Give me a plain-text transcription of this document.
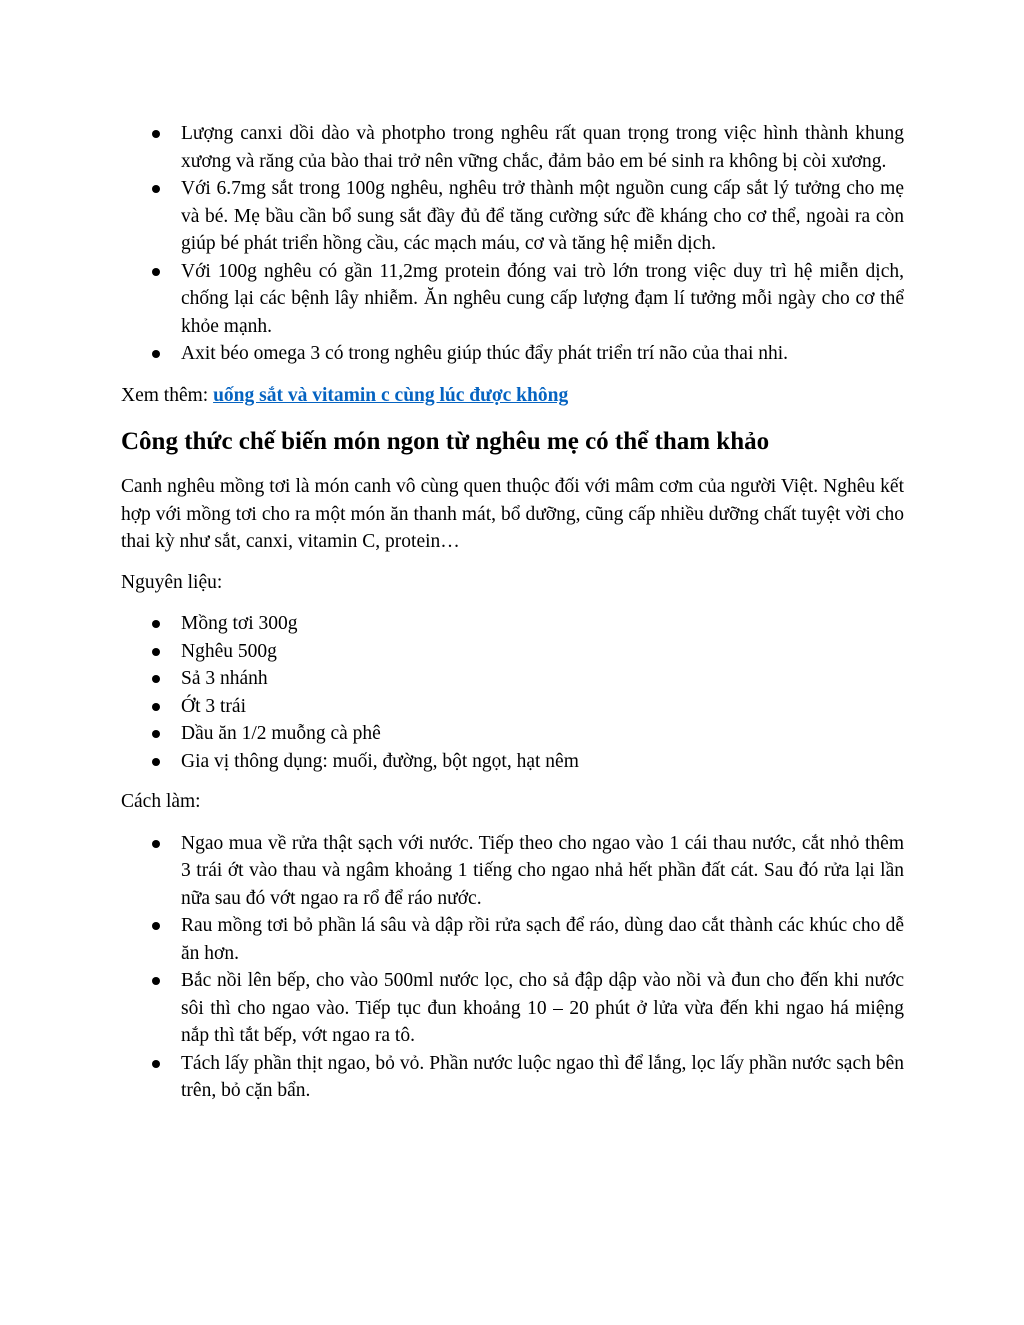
Lượng canxi dồi dào và photpho trong nghêu rất quan trọng trong việc hình thành khung xương và răng của bào thai trở nên vững chắc, đảm bảo em bé sinh ra không bị còi xương.
Với 6.7mg sắt trong 100g nghêu, nghêu trở thành một nguồn cung cấp sắt lý tưởng cho mẹ và bé. Mẹ bầu cần bổ sung sắt đầy đủ để tăng cường sức đề kháng cho cơ thể, ngoài ra còn giúp bé phát triển hồng cầu, các mạch máu, cơ và tăng hệ miễn dịch.
Với 100g nghêu có gần 11,2mg protein đóng vai trò lớn trong việc duy trì hệ miễn dịch, chống lại các bệnh lây nhiễm. Ăn nghêu cung cấp lượng đạm lí tưởng mỗi ngày cho cơ thể khỏe mạnh.
Axit béo omega 3 có trong nghêu giúp thúc đẩy phát triển trí não của thai nhi.

Xem thêm: uống sắt và vitamin c cùng lúc được không

Công thức chế biến món ngon từ nghêu mẹ có thể tham khảo

Canh nghêu mồng tơi là món canh vô cùng quen thuộc đối với mâm cơm của người Việt. Nghêu kết hợp với mồng tơi cho ra một món ăn thanh mát, bổ dưỡng, cũng cấp nhiều dưỡng chất tuyệt vời cho thai kỳ như sắt, canxi, vitamin C, protein…

Nguyên liệu:

Mồng tơi 300g
Nghêu 500g
Sả 3 nhánh
Ớt 3 trái
Dầu ăn 1/2 muỗng cà phê
Gia vị thông dụng: muối, đường, bột ngọt, hạt nêm

Cách làm:

Ngao mua về rửa thật sạch với nước. Tiếp theo cho ngao vào 1 cái thau nước, cắt nhỏ thêm 3 trái ớt vào thau và ngâm khoảng 1 tiếng cho ngao nhả hết phần đất cát. Sau đó rửa lại lần nữa sau đó vớt ngao ra rổ để ráo nước.
Rau mồng tơi bỏ phần lá sâu và dập rồi rửa sạch để ráo, dùng dao cắt thành các khúc cho dễ ăn hơn.
Bắc nồi lên bếp, cho vào 500ml nước lọc, cho sả đập dập vào nồi và đun cho đến khi nước sôi thì cho ngao vào. Tiếp tục đun khoảng 10 – 20 phút ở lửa vừa đến khi ngao há miệng nắp thì tắt bếp, vớt ngao ra tô.
Tách lấy phần thịt ngao, bỏ vỏ. Phần nước luộc ngao thì để lắng, lọc lấy phần nước sạch bên trên, bỏ cặn bẩn.
